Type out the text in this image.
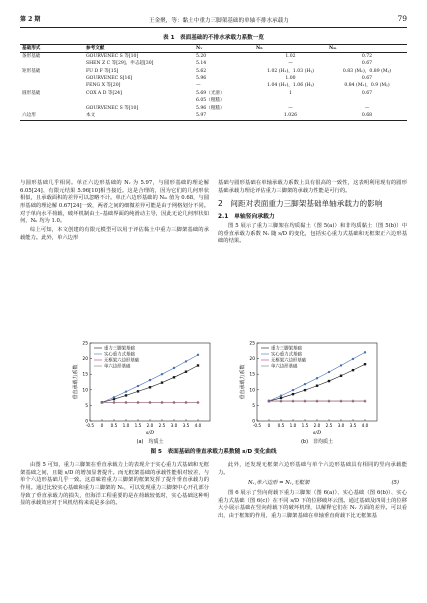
第 2 期	王金聚，等：黏土中重力三脚架基础的单轴不排水承载力	79
表 1　表面基础的不排水承载力系数一览
基础形式	参考文献	Nᵥ	Nₕ	Nₘ
条形基础	GOURVENEC S 等[10]	5.20	1.02	0.72
	SHEN Z C 等[29]、申志超[30]	5.14	—	0.67
矩形基础	FU D F 等[15]	5.62	1.02 (Hₓ)，1.03 (Hᵧ)	0.83 (Mₓ)，0.89 (Mᵧ)
	GOURVENEC S[16]	5.96	1.00	0.67
	FENG X 等[20]	—	1.04 (Hₓ)，1.06 (Hᵧ)	0.84 (Mₓ)，0.9 (Mᵧ)
圆形基础	COX A D 等[24]	5.69（光滑）	1	0.67
		6.05（粗糙）		
	GOURVENEC S 等[10]	5.96（粗糙）	—	—
六边形	本文	5.97	1.026	0.68

与圆形基础几乎相同。单正六边形基础的 Nᵥ 为 5.97，与圆形基础的理论解 6.05[24]、有限元结果 5.96[10]相当接近。这是合理的，因为它们的几何形状相似，且承载面积的差异可以忽略不计。单正六边形基础的 Nₘ 值为 0.68，与圆形基础的理论解 0.67[24]一致，两者之间的细微差异可能是由于网格划分不同。对于单向水平荷载，破坏机制由土–基础界面的纯滑动主导，因此无论几何形状如何，Nₕ 均为 1.0。

综上可知，本文创建的有限元模型可以用于评估黏土中重力三脚架基础的承载能力。此外，单六边形

基础与圆形基础在单轴承载力系数上具有很高的一致性，这表明利用现有的圆形基础承载力理论评估重力三脚架的承载力性能是可行的。

2　间距对表面重力三脚架基础单轴承载力的影响
2.1　单轴竖向承载力

图 5 展示了重力三脚架在均质黏土（图 5(a)）和非均质黏土（图 5(b)）中的垂直承载力系数 Nᵥ 随 s/D 的变化，包括实心重力式基础和无框架正六边形基础的结果。

0
5
10
15
20
25
-0.5 0 0.5 1.0 1.5 2.0 2.5 3.0 3.5 4.0
垂直承载力系数
s/D
(a)　均质土
重力三脚架基础
实心重力式基础
无框架六边形基础
单六边形基础
0
5
10
15
20
25
-0.5 0 0.5 1.0 1.5 2.0 2.5 3.0 3.5 4.0
垂直承载力系数
s/D
(b)　非均质土
重力三脚架基础
实心重力式基础
无框架六边形基础
单六边形基础
图 5　表面基础的垂直承载力系数随 s/D 变化曲线

由图 5 可知，重力三脚架在垂直承载力上的表现介于实心重力式基础和无框架基础之间，且随 s/D 的增加显著提升。而无框架基础的承载性能相对较差，与单个六边形基础几乎一致。这意味着重力三脚架的框架发挥了提升垂直承载力的作用。通过比较实心基础和重力三脚架的 Nᵥ，可以发现重力三脚架中心开孔部分导致了垂直承载力的损失，但海洋工程重要的是在荷载较低时，实心基础这种明显的承载效应对于风机结构来说是多余的。

此外，还发现无框架六边形基础与单个六边形基础具有相同的竖向承载能力。

Nᵥ,单六边形 = Nᵥ,无框架	(5)

图 6 展示了竖向荷载下重力三脚架（图 6(a)）、实心基础（图 6(b)）、实心重力式基础（图 6(c)）在不同 s/D 下的位移破坏云图。通过基础及四周土的位移大小展示基础在竖向荷载下的破坏机理，以解释它们在 Nᵥ 方面的差异。可以看出，由于框架的作用，重力三脚架基础在单轴垂直荷载下比无框架基
